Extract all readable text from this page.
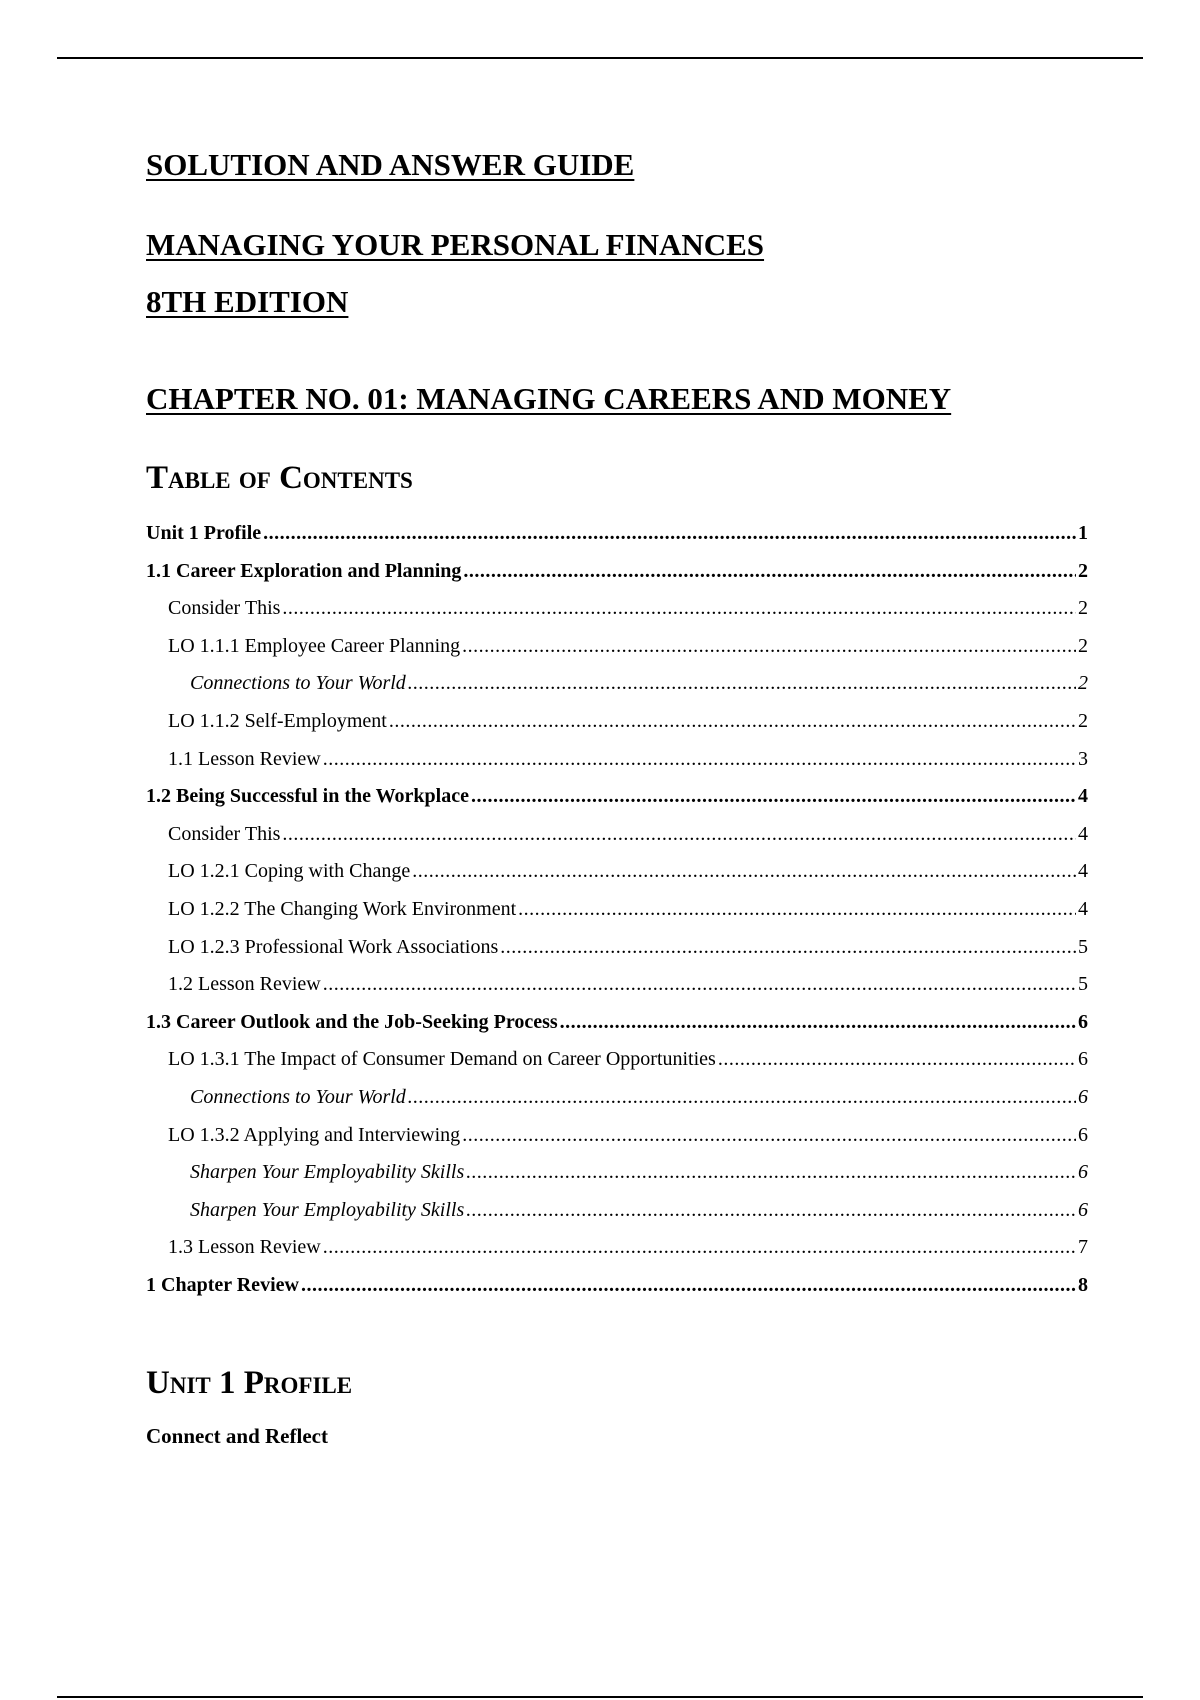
SOLUTION AND ANSWER GUIDE
MANAGING YOUR PERSONAL FINANCES
8TH EDITION
CHAPTER NO. 01: MANAGING CAREERS AND MONEY
Table of Contents
Unit 1 Profile .....	1
1.1 Career Exploration and Planning .....	2
Consider This .....	2
LO 1.1.1 Employee Career Planning .....	2
Connections to Your World .....	2
LO 1.1.2 Self-Employment .....	2
1.1 Lesson Review .....	3
1.2 Being Successful in the Workplace .....	4
Consider This .....	4
LO 1.2.1 Coping with Change .....	4
LO 1.2.2 The Changing Work Environment .....	4
LO 1.2.3 Professional Work Associations .....	5
1.2 Lesson Review .....	5
1.3 Career Outlook and the Job-Seeking Process .....	6
LO 1.3.1 The Impact of Consumer Demand on Career Opportunities .....	6
Connections to Your World .....	6
LO 1.3.2 Applying and Interviewing .....	6
Sharpen Your Employability Skills .....	6
Sharpen Your Employability Skills .....	6
1.3 Lesson Review .....	7
1 Chapter Review .....	8
Unit 1 Profile
Connect and Reflect
